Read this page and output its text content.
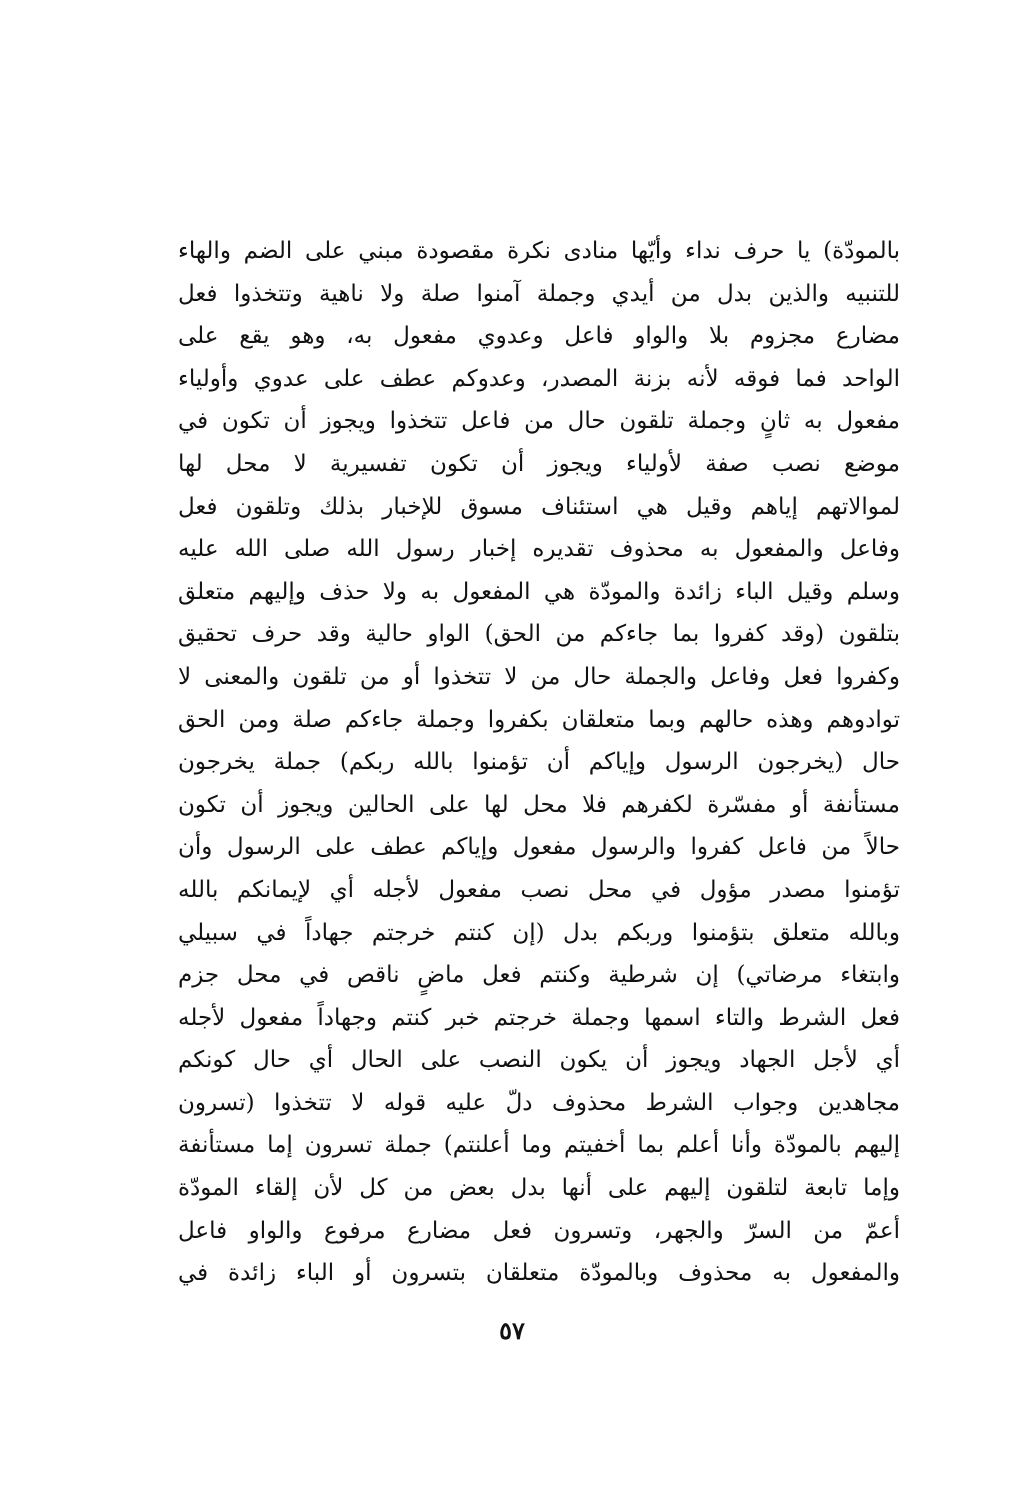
بالمودّة) يا حرف نداء وأيّها منادى نكرة مقصودة مبني على الضم والهاء
للتنبيه والذين بدل من أيدي وجملة آمنوا صلة ولا ناهية وتتخذوا فعل
مضارع مجزوم بلا والواو فاعل وعدوي مفعول به، وهو يقع على
الواحد فما فوقه لأنه بزنة المصدر، وعدوكم عطف على عدوي وأولياء
مفعول به ثانٍ وجملة تلقون حال من فاعل تتخذوا ويجوز أن تكون في
موضع نصب صفة لأولياء ويجوز أن تكون تفسيرية لا محل لها
لموالاتهم إياهم وقيل هي استئناف مسوق للإخبار بذلك وتلقون فعل
وفاعل والمفعول به محذوف تقديره إخبار رسول الله صلى الله عليه
وسلم وقيل الباء زائدة والمودّة هي المفعول به ولا حذف وإليهم متعلق
بتلقون (وقد كفروا بما جاءكم من الحق) الواو حالية وقد حرف تحقيق
وكفروا فعل وفاعل والجملة حال من لا تتخذوا أو من تلقون والمعنى لا
توادوهم وهذه حالهم وبما متعلقان بكفروا وجملة جاءكم صلة ومن الحق
حال (يخرجون الرسول وإياكم أن تؤمنوا بالله ربكم) جملة يخرجون
مستأنفة أو مفسّرة لكفرهم فلا محل لها على الحالين ويجوز أن تكون
حالاً من فاعل كفروا والرسول مفعول وإياكم عطف على الرسول وأن
تؤمنوا مصدر مؤول في محل نصب مفعول لأجله أي لإيمانكم بالله
وبالله متعلق بتؤمنوا وربكم بدل (إن كنتم خرجتم جهاداً في سبيلي
وابتغاء مرضاتي) إن شرطية وكنتم فعل ماضٍ ناقص في محل جزم
فعل الشرط والتاء اسمها وجملة خرجتم خبر كنتم وجهاداً مفعول لأجله
أي لأجل الجهاد ويجوز أن يكون النصب على الحال أي حال كونكم
مجاهدين وجواب الشرط محذوف دلّ عليه قوله لا تتخذوا (تسرون
إليهم بالمودّة وأنا أعلم بما أخفيتم وما أعلنتم) جملة تسرون إما مستأنفة
وإما تابعة لتلقون إليهم على أنها بدل بعض من كل لأن إلقاء المودّة
أعمّ من السرّ والجهر، وتسرون فعل مضارع مرفوع والواو فاعل
والمفعول به محذوف وبالمودّة متعلقان بتسرون أو الباء زائدة في
٥٧
